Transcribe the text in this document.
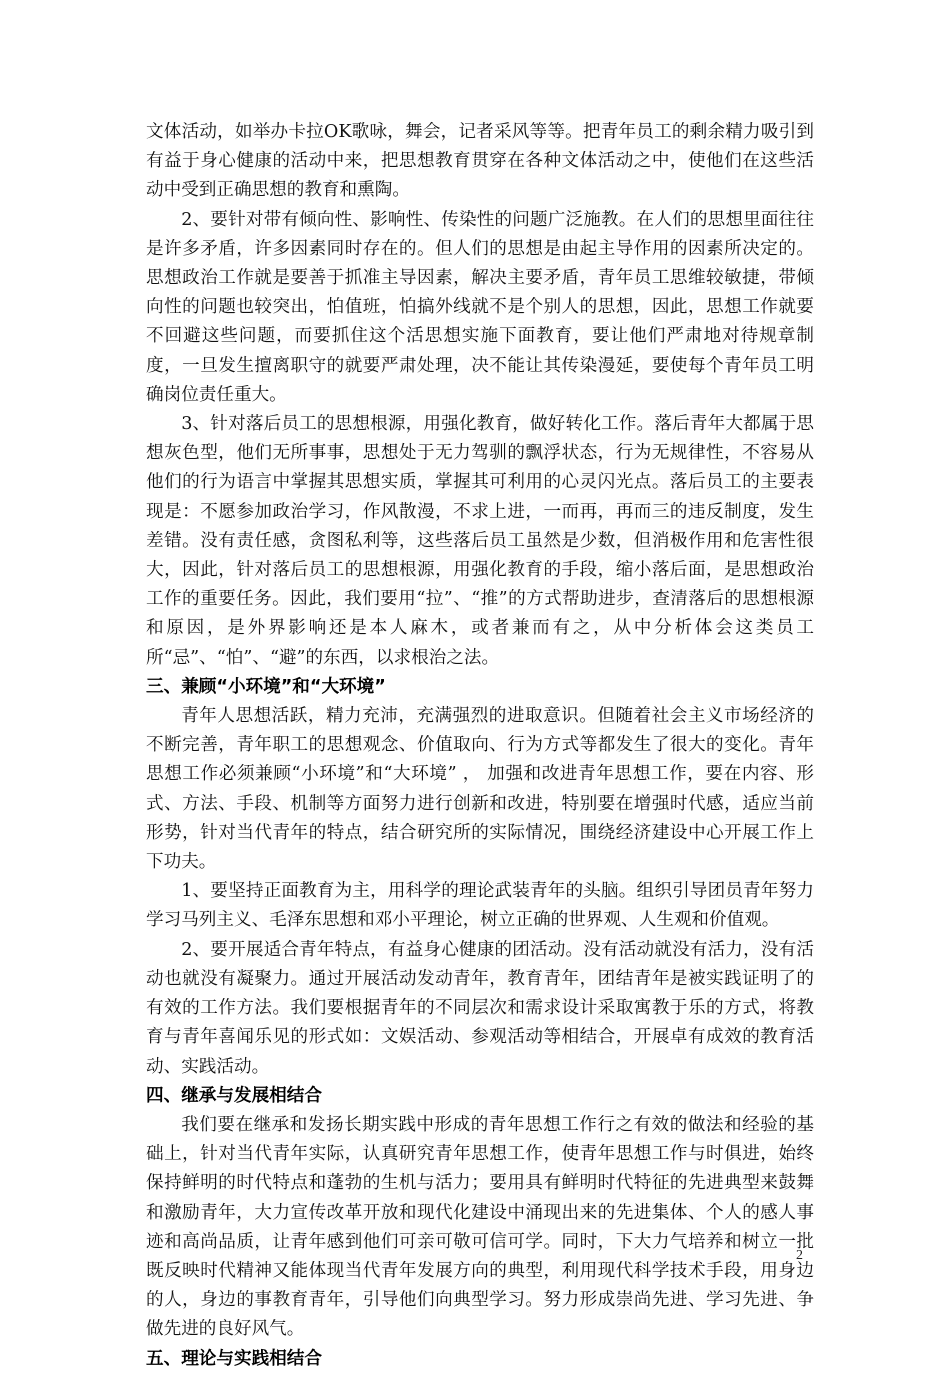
文体活动，如举办卡拉OK歌咏，舞会，记者采风等等。把青年员工的剩余精力吸引到有益于身心健康的活动中来，把思想教育贯穿在各种文体活动之中，使他们在这些活动中受到正确思想的教育和熏陶。

2、要针对带有倾向性、影响性、传染性的问题广泛施教。在人们的思想里面往往是许多矛盾，许多因素同时存在的。但人们的思想是由起主导作用的因素所决定的。思想政治工作就是要善于抓准主导因素，解决主要矛盾，青年员工思维较敏捷，带倾向性的问题也较突出，怕值班，怕搞外线就不是个别人的思想，因此，思想工作就要不回避这些问题，而要抓住这个活思想实施下面教育，要让他们严肃地对待规章制度，一旦发生擅离职守的就要严肃处理，决不能让其传染漫延，要使每个青年员工明确岗位责任重大。

3、针对落后员工的思想根源，用强化教育，做好转化工作。落后青年大都属于思想灰色型，他们无所事事，思想处于无力驾驯的飘浮状态，行为无规律性，不容易从他们的行为语言中掌握其思想实质，掌握其可利用的心灵闪光点。落后员工的主要表现是：不愿参加政治学习，作风散漫，不求上进，一而再，再而三的违反制度，发生差错。没有责任感，贪图私利等，这些落后员工虽然是少数，但消极作用和危害性很大，因此，针对落后员工的思想根源，用强化教育的手段，缩小落后面，是思想政治工作的重要任务。因此，我们要用“拉”、“推”的方式帮助进步，查清落后的思想根源和原因，是外界影响还是本人麻木，或者兼而有之，从中分析体会这类员工所“忌”、“怕”、“避”的东西，以求根治之法。

三、兼顾“小环境”和“大环境”

青年人思想活跃，精力充沛，充满强烈的进取意识。但随着社会主义市场经济的不断完善，青年职工的思想观念、价值取向、行为方式等都发生了很大的变化。青年思想工作必须兼顾“小环境”和“大环境” ， 加强和改进青年思想工作，要在内容、形式、方法、手段、机制等方面努力进行创新和改进，特别要在增强时代感，适应当前形势，针对当代青年的特点，结合研究所的实际情况，围绕经济建设中心开展工作上下功夫。

1、要坚持正面教育为主，用科学的理论武装青年的头脑。组织引导团员青年努力学习马列主义、毛泽东思想和邓小平理论，树立正确的世界观、人生观和价值观。

2、要开展适合青年特点，有益身心健康的团活动。没有活动就没有活力，没有活动也就没有凝聚力。通过开展活动发动青年，教育青年，团结青年是被实践证明了的有效的工作方法。我们要根据青年的不同层次和需求设计采取寓教于乐的方式，将教育与青年喜闻乐见的形式如：文娱活动、参观活动等相结合，开展卓有成效的教育活动、实践活动。

四、继承与发展相结合

我们要在继承和发扬长期实践中形成的青年思想工作行之有效的做法和经验的基础上，针对当代青年实际，认真研究青年思想工作，使青年思想工作与时俱进，始终保持鲜明的时代特点和蓬勃的生机与活力；要用具有鲜明时代特征的先进典型来鼓舞和激励青年，大力宣传改革开放和现代化建设中涌现出来的先进集体、个人的感人事迹和高尚品质，让青年感到他们可亲可敬可信可学。同时，下大力气培养和树立一批既反映时代精神又能体现当代青年发展方向的典型，利用现代科学技术手段，用身边的人，身边的事教育青年，引导他们向典型学习。努力形成崇尚先进、学习先进、争做先进的良好风气。

五、理论与实践相结合
2
